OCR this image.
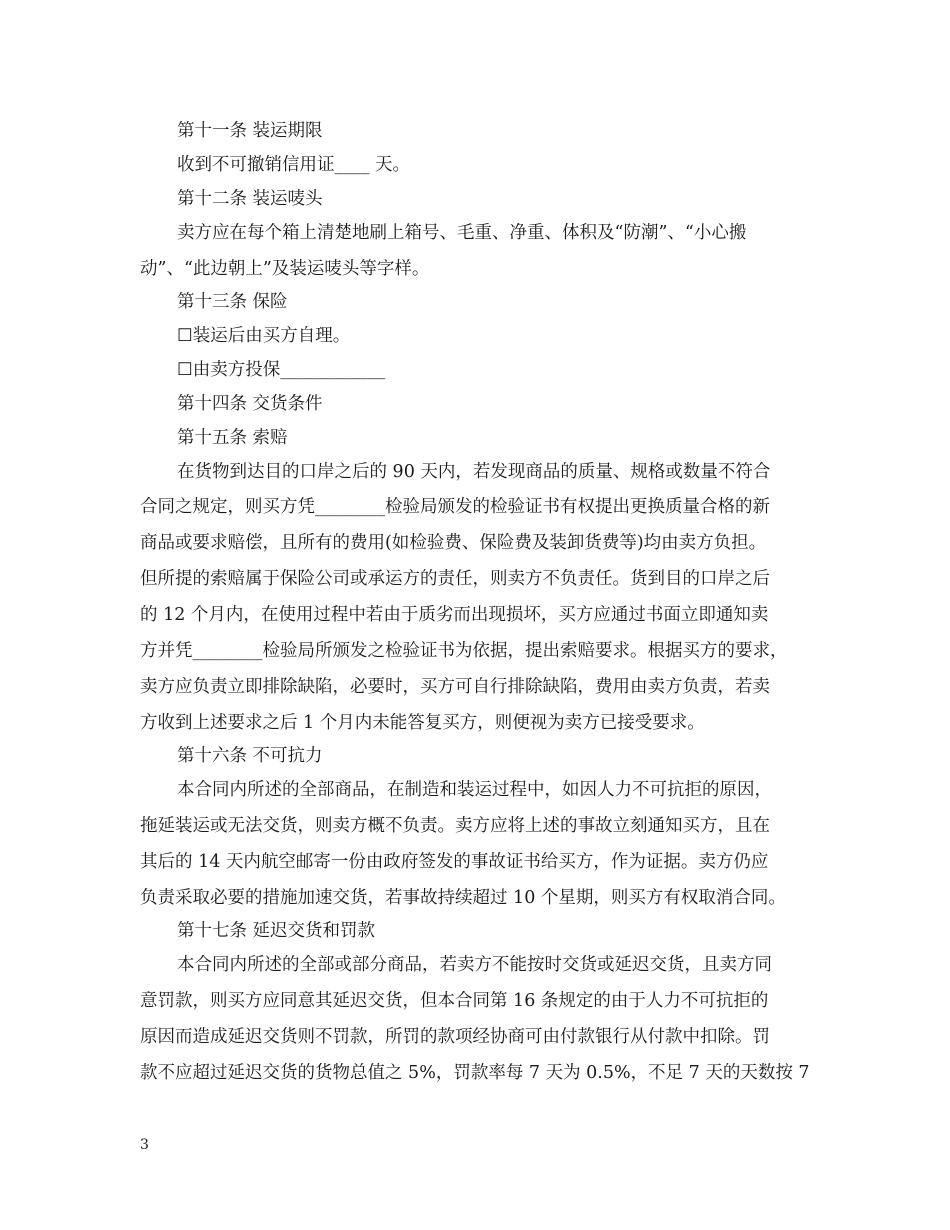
第十一条 装运期限
收到不可撤销信用证____ 天。
第十二条 装运唛头
卖方应在每个箱上清楚地刷上箱号、毛重、净重、体积及“防潮”、“小心搬
动”、“此边朝上”及装运唛头等字样。
第十三条 保险
☐装运后由买方自理。
☐由卖方投保____________
第十四条 交货条件
第十五条 索赔
在货物到达目的口岸之后的 90 天内，若发现商品的质量、规格或数量不符合
合同之规定，则买方凭________检验局颁发的检验证书有权提出更换质量合格的新
商品或要求赔偿，且所有的费用(如检验费、保险费及装卸货费等)均由卖方负担。
但所提的索赔属于保险公司或承运方的责任，则卖方不负责任。货到目的口岸之后
的 12 个月内，在使用过程中若由于质劣而出现损坏，买方应通过书面立即通知卖
方并凭________检验局所颁发之检验证书为依据，提出索赔要求。根据买方的要求，
卖方应负责立即排除缺陷，必要时，买方可自行排除缺陷，费用由卖方负责，若卖
方收到上述要求之后 1 个月内未能答复买方，则便视为卖方已接受要求。
第十六条 不可抗力
本合同内所述的全部商品，在制造和装运过程中，如因人力不可抗拒的原因，
拖延装运或无法交货，则卖方概不负责。卖方应将上述的事故立刻通知买方，且在
其后的 14 天内航空邮寄一份由政府签发的事故证书给买方，作为证据。卖方仍应
负责采取必要的措施加速交货，若事故持续超过 10 个星期，则买方有权取消合同。
第十七条 延迟交货和罚款
本合同内所述的全部或部分商品，若卖方不能按时交货或延迟交货，且卖方同
意罚款，则买方应同意其延迟交货，但本合同第 16 条规定的由于人力不可抗拒的
原因而造成延迟交货则不罚款，所罚的款项经协商可由付款银行从付款中扣除。罚
款不应超过延迟交货的货物总值之 5%，罚款率每 7 天为 0.5%，不足 7 天的天数按 7
3
